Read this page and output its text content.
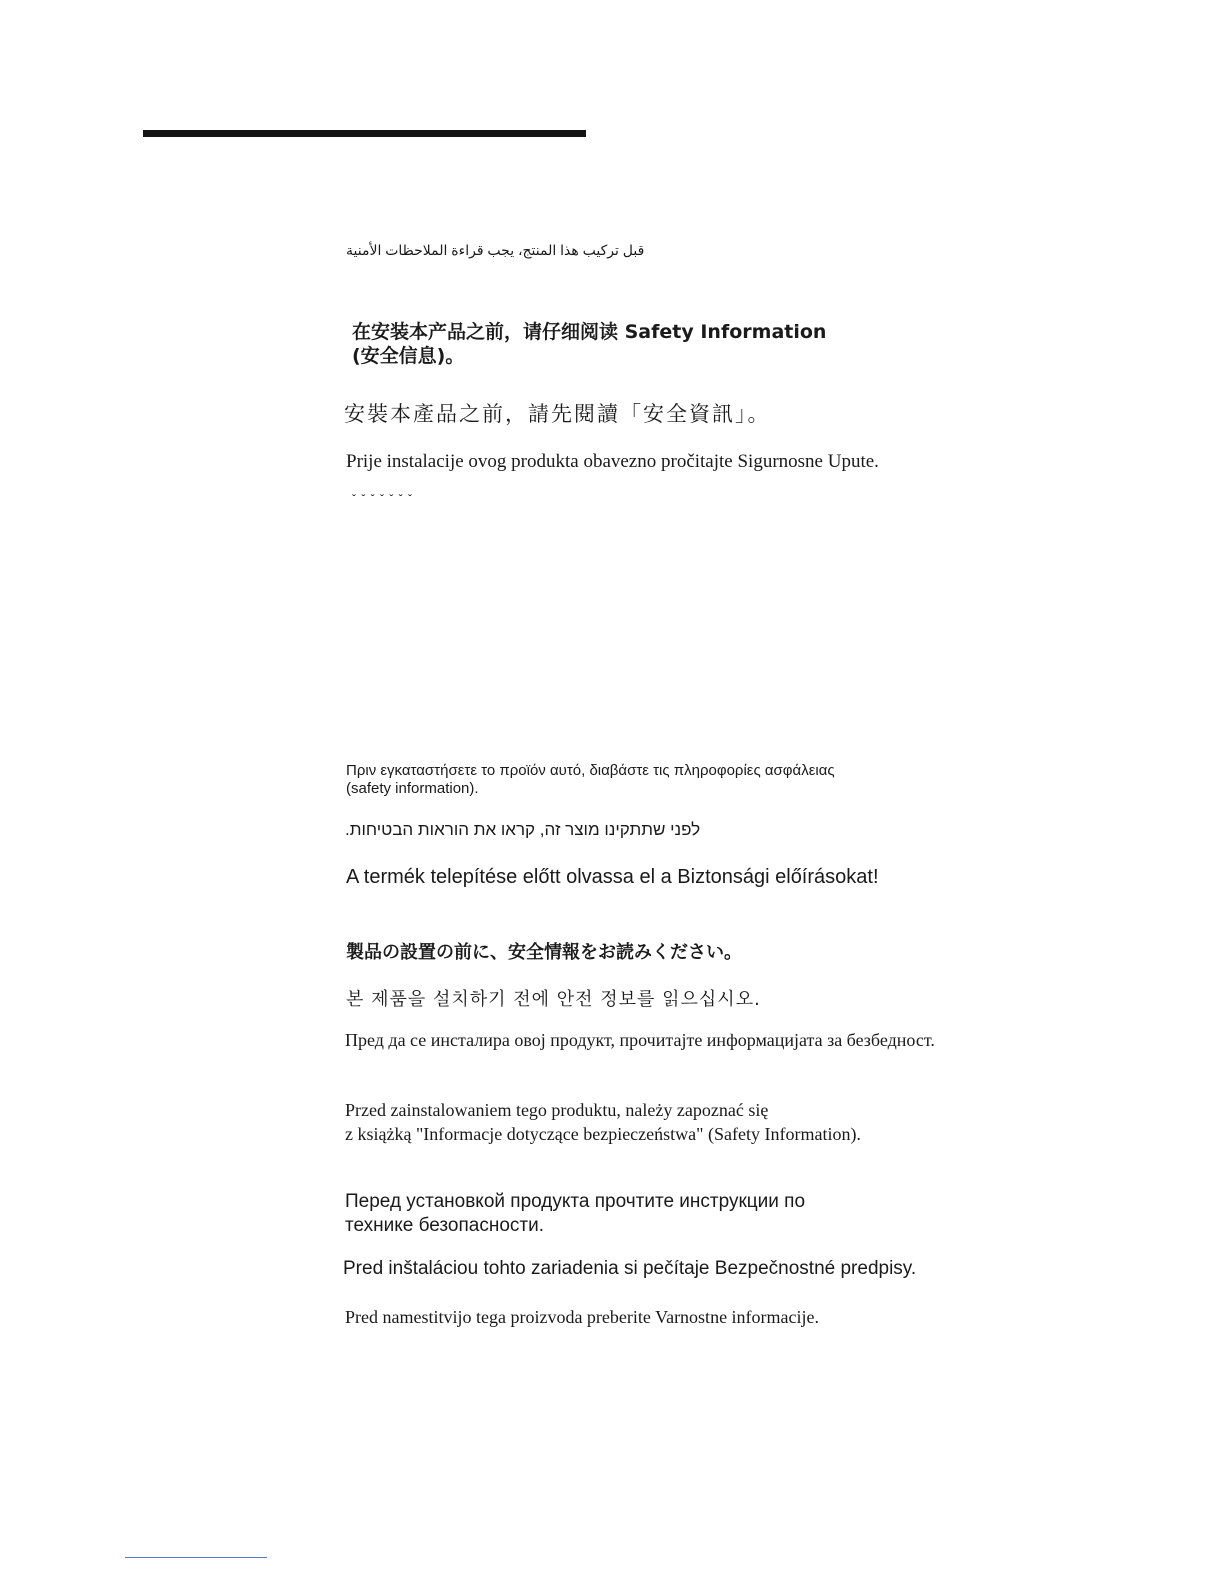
قبل تركيب هذا المنتج، يجب قراءة الملاحظات الأمنية

在安装本产品之前，请仔细阅读 Safety Information
(安全信息)。

安裝本產品之前，請先閱讀「安全資訊」。

Prije instalacije ovog produkta obavezno pročitajte Sigurnosne Upute.

ˇ ˇ ˇ ˇ ˇ ˇ ˇ

Πριν εγκαταστήσετε το προϊόν αυτό, διαβάστε τις πληροφορίες ασφάλειας
(safety information).

לפני שתתקינו מוצר זה, קראו את הוראות הבטיחות.

A termék telepítése előtt olvassa el a Biztonsági előírásokat!

製品の設置の前に、安全情報をお読みください。

본 제품을 설치하기 전에 안전 정보를 읽으십시오.

Пред да се инсталира овој продукт, прочитајте информацијата за безбедност.

Przed zainstalowaniem tego produktu, należy zapoznać się
z książką "Informacje dotyczące bezpieczeństwa" (Safety Information).

Перед установкой продукта прочтите инструкции по
технике безопасности.

Pred inštaláciou tohto zariadenia si pečítaje Bezpečnostné predpisy.

Pred namestitvijo tega proizvoda preberite Varnostne informacije.
